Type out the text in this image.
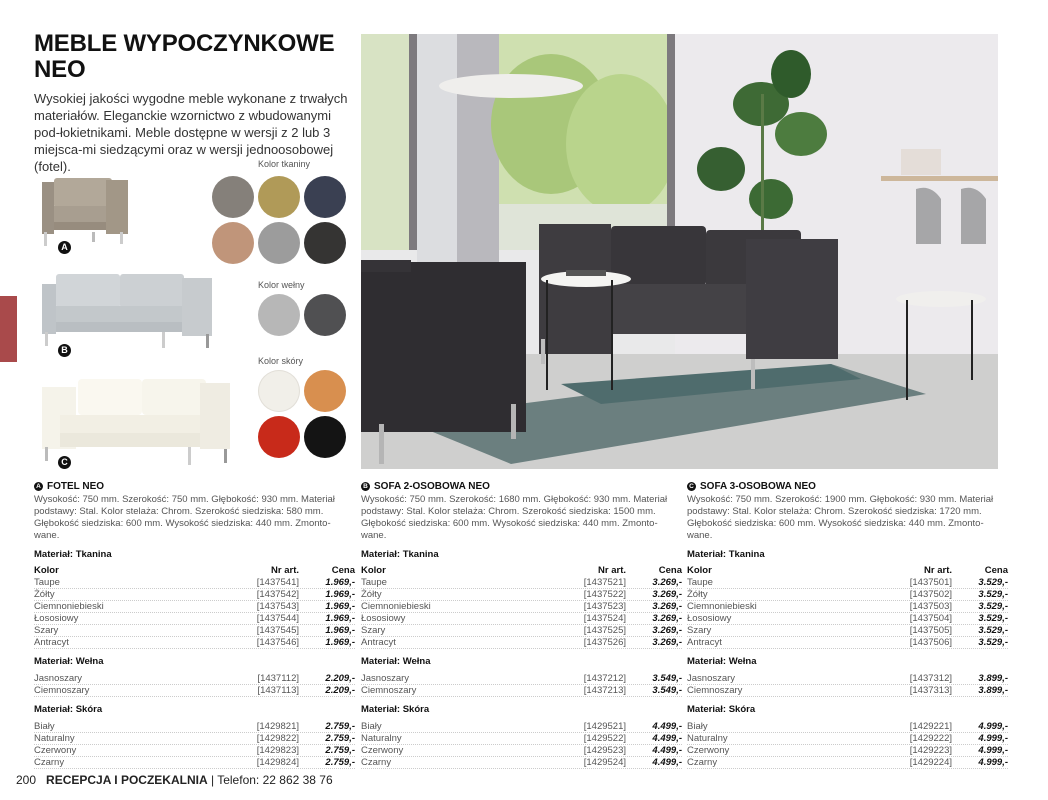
MEBLE WYPOCZYNKOWE
NEO

Wysokiej jakości wygodne meble wykonane z trwałych materiałów. Eleganckie wzornictwo z wbudowanymi pod-łokietnikami. Meble dostępne w wersji z 2 lub 3 miejsca-mi siedzącymi oraz w wersji jednoosobowej (fotel).

A
B
C
Kolor tkaniny
Kolor wełny
Kolor skóry
A FOTEL NEO
Wysokość: 750 mm. Szerokość: 750 mm. Głębokość: 930 mm. Materiał podstawy: Stal. Kolor stelaża: Chrom. Szerokość siedziska: 580 mm. Głębokość siedziska: 600 mm. Wysokość siedziska: 440 mm. Zmonto-wane.
Materiał: Tkanina
Kolor	Nr art.	Cena
Taupe	[1437541]	1.969,-
Żółty	[1437542]	1.969,-
Ciemnoniebieski	[1437543]	1.969,-
Łososiowy	[1437544]	1.969,-
Szary	[1437545]	1.969,-
Antracyt	[1437546]	1.969,-
Materiał: Wełna
Jasnoszary	[1437112]	2.209,-
Ciemnoszary	[1437113]	2.209,-
Materiał: Skóra
Biały	[1429821]	2.759,-
Naturalny	[1429822]	2.759,-
Czerwony	[1429823]	2.759,-
Czarny	[1429824]	2.759,-
B SOFA 2-OSOBOWA NEO
Wysokość: 750 mm. Szerokość: 1680 mm. Głębokość: 930 mm. Materiał podstawy: Stal. Kolor stelaża: Chrom. Szerokość siedziska: 1500 mm. Głębokość siedziska: 600 mm. Wysokość siedziska: 440 mm. Zmonto-wane.
Materiał: Tkanina
Kolor	Nr art.	Cena
Taupe	[1437521]	3.269,-
Żółty	[1437522]	3.269,-
Ciemnoniebieski	[1437523]	3.269,-
Łososiowy	[1437524]	3.269,-
Szary	[1437525]	3.269,-
Antracyt	[1437526]	3.269,-
Materiał: Wełna
Jasnoszary	[1437212]	3.549,-
Ciemnoszary	[1437213]	3.549,-
Materiał: Skóra
Biały	[1429521]	4.499,-
Naturalny	[1429522]	4.499,-
Czerwony	[1429523]	4.499,-
Czarny	[1429524]	4.499,-
C SOFA 3-OSOBOWA NEO
Wysokość: 750 mm. Szerokość: 1900 mm. Głębokość: 930 mm. Materiał podstawy: Stal. Kolor stelaża: Chrom. Szerokość siedziska: 1720 mm. Głębokość siedziska: 600 mm. Wysokość siedziska: 440 mm. Zmonto-wane.
Materiał: Tkanina
Kolor	Nr art.	Cena
Taupe	[1437501]	3.529,-
Żółty	[1437502]	3.529,-
Ciemnoniebieski	[1437503]	3.529,-
Łososiowy	[1437504]	3.529,-
Szary	[1437505]	3.529,-
Antracyt	[1437506]	3.529,-
Materiał: Wełna
Jasnoszary	[1437312]	3.899,-
Ciemnoszary	[1437313]	3.899,-
Materiał: Skóra
Biały	[1429221]	4.999,-
Naturalny	[1429222]	4.999,-
Czerwony	[1429223]	4.999,-
Czarny	[1429224]	4.999,-
200 RECEPCJA I POCZEKALNIA | Telefon: 22 862 38 76
